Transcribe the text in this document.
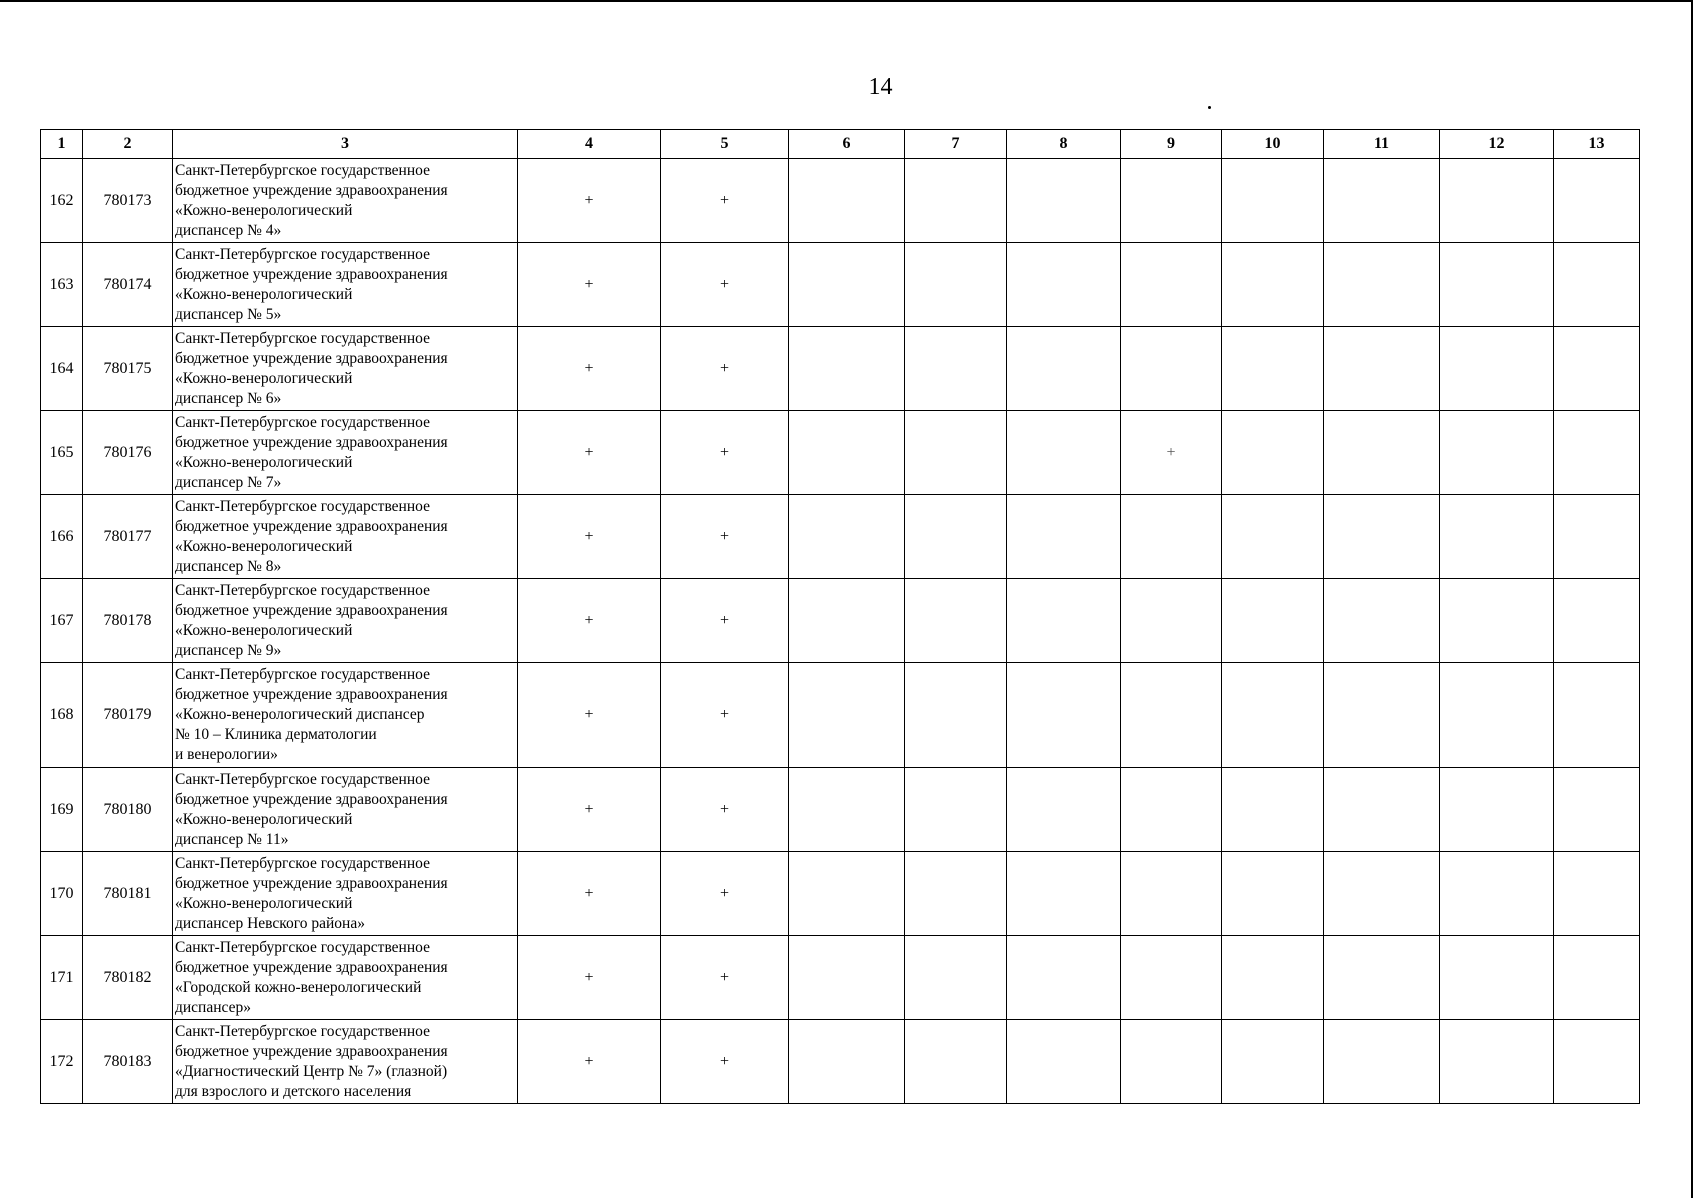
14
1	2	3	4	5	6	7	8	9	10	11	12	13
162	780173	Санкт-Петербургское государственное
бюджетное учреждение здравоохранения
«Кожно-венерологический
диспансер № 4»	+	+								
163	780174	Санкт-Петербургское государственное
бюджетное учреждение здравоохранения
«Кожно-венерологический
диспансер № 5»	+	+								
164	780175	Санкт-Петербургское государственное
бюджетное учреждение здравоохранения
«Кожно-венерологический
диспансер № 6»	+	+								
165	780176	Санкт-Петербургское государственное
бюджетное учреждение здравоохранения
«Кожно-венерологический
диспансер № 7»	+	+				+				
166	780177	Санкт-Петербургское государственное
бюджетное учреждение здравоохранения
«Кожно-венерологический
диспансер № 8»	+	+								
167	780178	Санкт-Петербургское государственное
бюджетное учреждение здравоохранения
«Кожно-венерологический
диспансер № 9»	+	+								
168	780179	Санкт-Петербургское государственное
бюджетное учреждение здравоохранения
«Кожно-венерологический диспансер
№ 10 – Клиника дерматологии
и венерологии»	+	+								
169	780180	Санкт-Петербургское государственное
бюджетное учреждение здравоохранения
«Кожно-венерологический
диспансер № 11»	+	+								
170	780181	Санкт-Петербургское государственное
бюджетное учреждение здравоохранения
«Кожно-венерологический
диспансер Невского района»	+	+								
171	780182	Санкт-Петербургское государственное
бюджетное учреждение здравоохранения
«Городской кожно-венерологический
диспансер»	+	+								
172	780183	Санкт-Петербургское государственное
бюджетное учреждение здравоохранения
«Диагностический Центр № 7» (глазной)
для взрослого и детского населения	+	+								
